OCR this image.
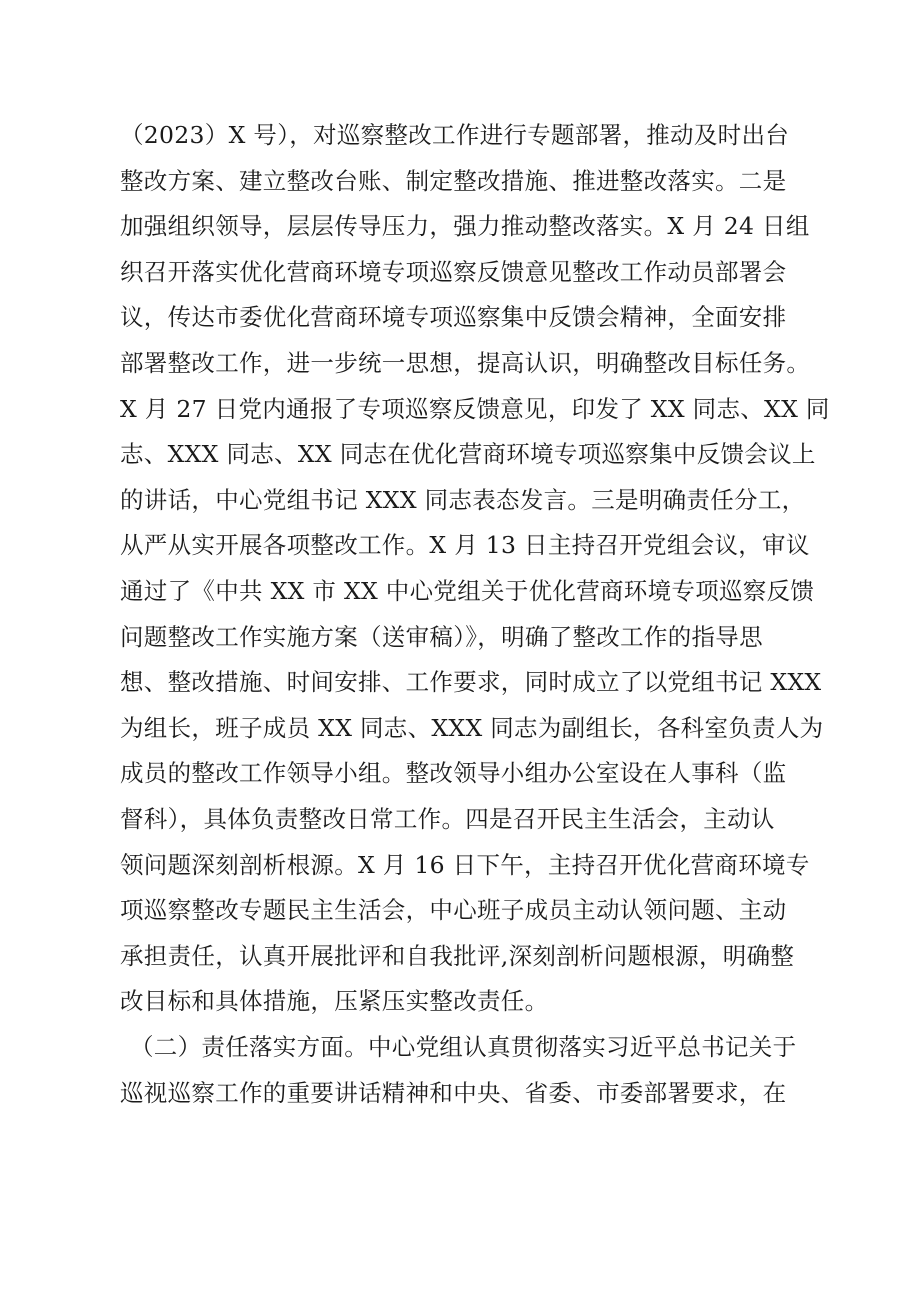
（2023）X 号），对巡察整改工作进行专题部署，推动及时出台
整改方案、建立整改台账、制定整改措施、推进整改落实。二是
加强组织领导，层层传导压力，强力推动整改落实。X 月 24 日组
织召开落实优化营商环境专项巡察反馈意见整改工作动员部署会
议，传达市委优化营商环境专项巡察集中反馈会精神，全面安排
部署整改工作，进一步统一思想，提高认识，明确整改目标任务。
X 月 27 日党内通报了专项巡察反馈意见，印发了 XX 同志、XX 同
志、XXX 同志、XX 同志在优化营商环境专项巡察集中反馈会议上
的讲话，中心党组书记 XXX 同志表态发言。三是明确责任分工，
从严从实开展各项整改工作。X 月 13 日主持召开党组会议，审议
通过了《中共 XX 市 XX 中心党组关于优化营商环境专项巡察反馈
问题整改工作实施方案（送审稿）》，明确了整改工作的指导思
想、整改措施、时间安排、工作要求，同时成立了以党组书记 XXX
为组长，班子成员 XX 同志、XXX 同志为副组长，各科室负责人为
成员的整改工作领导小组。整改领导小组办公室设在人事科（监
督科），具体负责整改日常工作。四是召开民主生活会，主动认
领问题深刻剖析根源。X 月 16 日下午，主持召开优化营商环境专
项巡察整改专题民主生活会，中心班子成员主动认领问题、主动
承担责任，认真开展批评和自我批评,深刻剖析问题根源，明确整
改目标和具体措施，压紧压实整改责任。
（二）责任落实方面。中心党组认真贯彻落实习近平总书记关于
巡视巡察工作的重要讲话精神和中央、省委、市委部署要求，在
